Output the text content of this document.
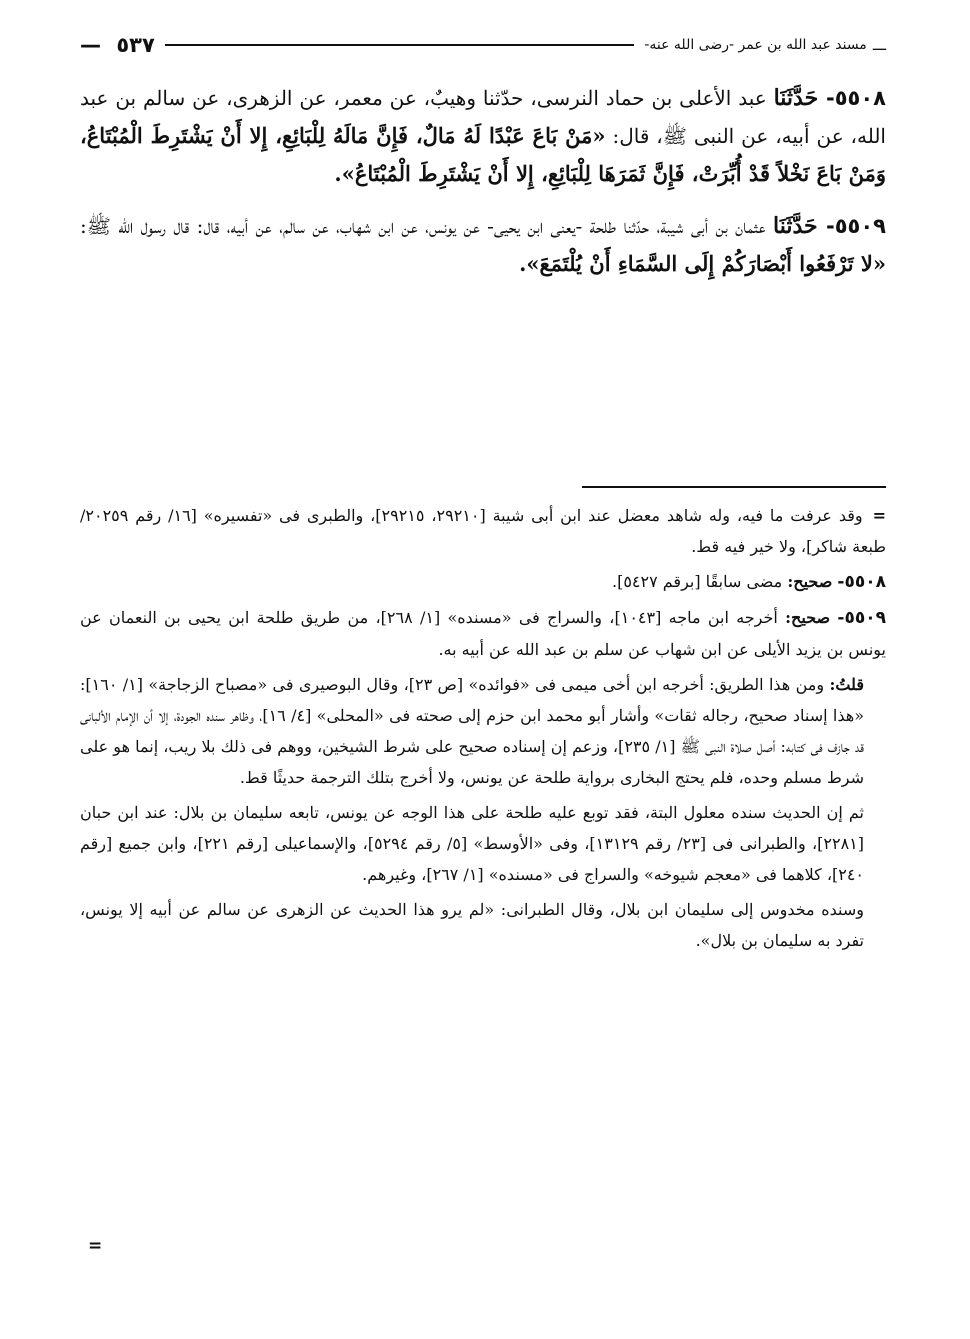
ـــ
مسند عبد الله بن عمر -رضى الله عنه-
٥٣٧ —

٥٥٠٨- حَدَّثَنَا عبد الأعلى بن حماد النرسى، حدّثنا وهيبٌ، عن معمر، عن الزهرى، عن سالم بن عبد الله، عن أبيه، عن النبى ﷺ، قال: «مَنْ بَاعَ عَبْدًا لَهُ مَالٌ، فَإِنَّ مَالَهُ لِلْبَائِعِ، إِلا أَنْ يَشْتَرِطَ الْمُبْتَاعُ، وَمَنْ بَاعَ نَخْلاً قَدْ أُبِّرَتْ، فَإِنَّ ثَمَرَهَا لِلْبَائِعِ، إِلا أَنْ يَشْتَرِطَ الْمُبْتَاعُ».

٥٥٠٩- حَدَّثَنَا عثمان بن أبى شيبة، حدّثنا طلحة -يعنى ابن يحيى- عن يونس، عن ابن شهاب، عن سالم، عن أبيه، قال: قال رسول الله ﷺ: «لا تَرْفَعُوا أَبْصَارَكُمْ إِلَى السَّمَاءِ أَنْ يُلْتَمَعَ».

=وقد عرفت ما فيه، وله شاهد معضل عند ابن أبى شيبة [٢٩٢١٠، ٢٩٢١٥]، والطبرى فى «تفسيره» [١٦/ رقم ٢٠٢٥٩/ طبعة شاكر]، ولا خير فيه قط.

٥٥٠٨- صحيح: مضى سابقًا [برقم ٥٤٢٧].

٥٥٠٩- صحيح: أخرجه ابن ماجه [١٠٤٣]، والسراج فى «مسنده» [١/ ٢٦٨]، من طريق طلحة ابن يحيى بن النعمان عن يونس بن يزيد الأيلى عن ابن شهاب عن سلم بن عبد الله عن أبيه به.

قلتُ: ومن هذا الطريق: أخرجه ابن أخى ميمى فى «فوائده» [ص ٢٣]، وقال البوصيرى فى «مصباح الزجاجة» [١/ ١٦٠]: «هذا إسناد صحيح، رجاله ثقات» وأشار أبو محمد ابن حزم إلى صحته فى «المحلى» [٤/ ١٦]، وظاهر سنده الجودة، إلا أن الإمام الألبانى قد جازف فى كتابه: أصل صلاة النبى ﷺ [١/ ٢٣٥]، وزعم إن إسناده صحيح على شرط الشيخين، ووهم فى ذلك بلا ريب، إنما هو على شرط مسلم وحده، فلم يحتج البخارى برواية طلحة عن يونس، ولا أخرج بتلك الترجمة حديثًا قط.

ثم إن الحديث سنده معلول البتة، فقد توبع عليه طلحة على هذا الوجه عن يونس، تابعه سليمان بن بلال: عند ابن حبان [٢٢٨١]، والطبرانى فى [٢٣/ رقم ١٣١٢٩]، وفى «الأوسط» [٥/ رقم ٥٢٩٤]، والإسماعيلى [رقم ٢٢١]، وابن جميع [رقم ٢٤٠]، كلاهما فى «معجم شيوخه» والسراج فى «مسنده» [١/ ٢٦٧]، وغيرهم.

وسنده مخدوس إلى سليمان ابن بلال، وقال الطبرانى: «لم يرو هذا الحديث عن الزهرى عن سالم عن أبيه إلا يونس، تفرد به سليمان بن بلال».

=
